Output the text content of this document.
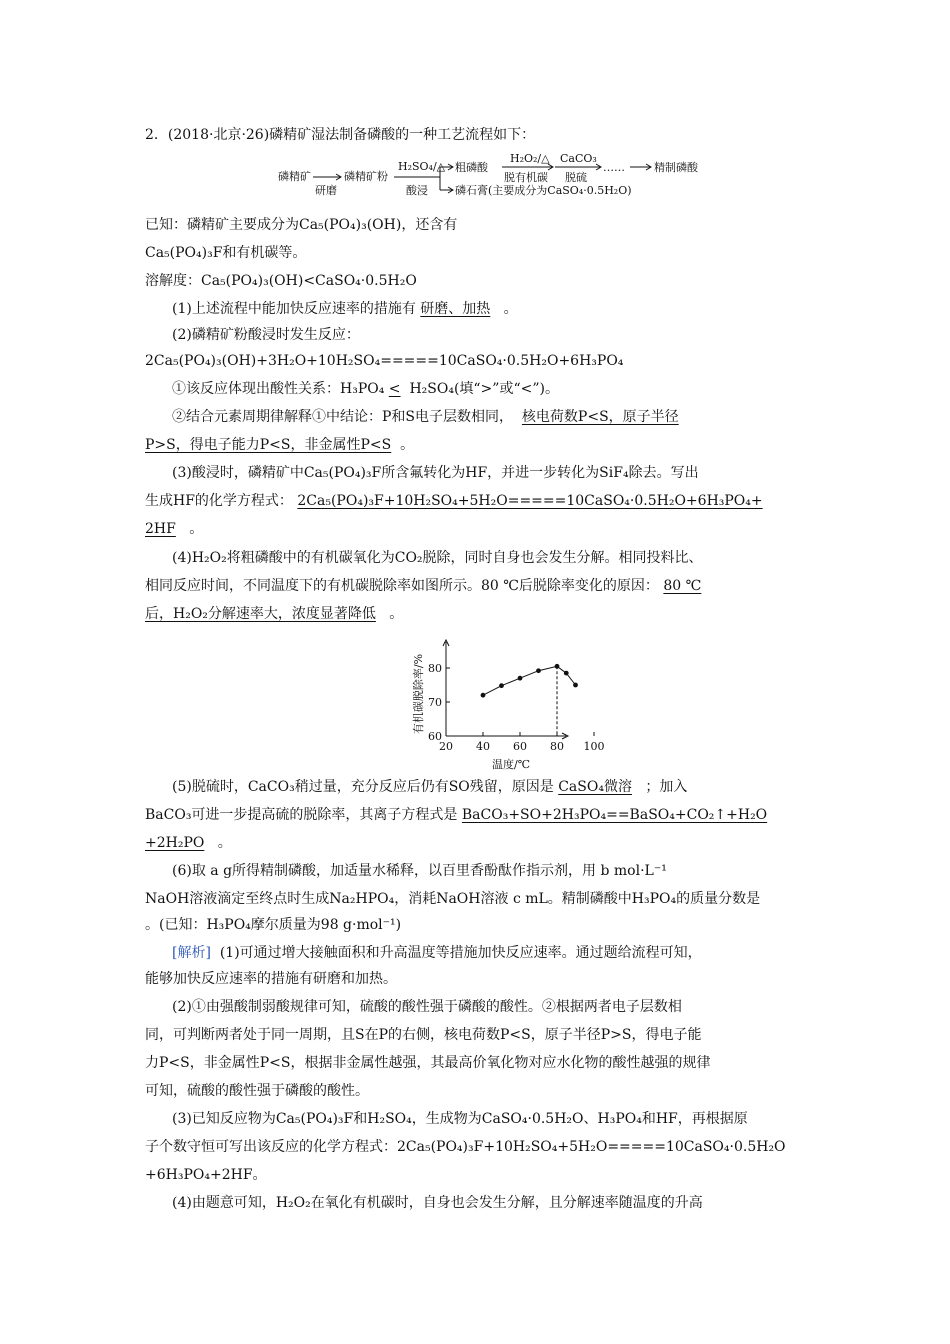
2．(2018·北京·26)磷精矿湿法制备磷酸的一种工艺流程如下：
磷精矿
研磨
磷精矿粉
H₂SO₄/△
酸浸
粗磷酸
H₂O₂/△
脱有机碳
CaCO₃
脱硫
……	精制磷酸
磷石膏(主要成分为CaSO₄·0.5H₂O)
已知：磷精矿主要成分为Ca₅(PO₄)₃(OH)，还含有
Ca₅(PO₄)₃F和有机碳等。
溶解度：Ca₅(PO₄)₃(OH)<CaSO₄·0.5H₂O
(1)上述流程中能加快反应速率的措施有 研磨、加热 。
(2)磷精矿粉酸浸时发生反应：
2Ca₅(PO₄)₃(OH)+3H₂O+10H₂SO₄=====10CaSO₄·0.5H₂O+6H₃PO₄
①该反应体现出酸性关系：H₃PO₄ < H₂SO₄(填“>”或“<”)。
②结合元素周期律解释①中结论：P和S电子层数相同， 核电荷数P<S，原子半径
P>S，得电子能力P<S，非金属性P<S 。
(3)酸浸时，磷精矿中Ca₅(PO₄)₃F所含氟转化为HF，并进一步转化为SiF₄除去。写出
生成HF的化学方程式： 2Ca₅(PO₄)₃F+10H₂SO₄+5H₂O=====10CaSO₄·0.5H₂O+6H₃PO₄+
2HF 。
(4)H₂O₂将粗磷酸中的有机碳氧化为CO₂脱除，同时自身也会发生分解。相同投料比、
相同反应时间，不同温度下的有机碳脱除率如图所示。80 ℃后脱除率变化的原因： 80 ℃
后，H₂O₂分解速率大，浓度显著降低 。
有机碳脱除率/%
温度/℃
20 40 60 80 100
60
70
80
(5)脱硫时，CaCO₃稍过量，充分反应后仍有SO残留，原因是 CaSO₄微溶 ；加入
BaCO₃可进一步提高硫的脱除率，其离子方程式是 BaCO₃+SO+2H₃PO₄==BaSO₄+CO₂↑+H₂O
+2H₂PO 。
(6)取 a g所得精制磷酸，加适量水稀释，以百里香酚酞作指示剂，用 b mol·L⁻¹
NaOH溶液滴定至终点时生成Na₂HPO₄，消耗NaOH溶液 c mL。精制磷酸中H₃PO₄的质量分数是
。(已知：H₃PO₄摩尔质量为98 g·mol⁻¹)
[解析] (1)可通过增大接触面积和升高温度等措施加快反应速率。通过题给流程可知，
能够加快反应速率的措施有研磨和加热。
(2)①由强酸制弱酸规律可知，硫酸的酸性强于磷酸的酸性。②根据两者电子层数相
同，可判断两者处于同一周期，且S在P的右侧，核电荷数P<S，原子半径P>S，得电子能
力P<S，非金属性P<S，根据非金属性越强，其最高价氧化物对应水化物的酸性越强的规律
可知，硫酸的酸性强于磷酸的酸性。
(3)已知反应物为Ca₅(PO₄)₃F和H₂SO₄，生成物为CaSO₄·0.5H₂O、H₃PO₄和HF，再根据原
子个数守恒可写出该反应的化学方程式：2Ca₅(PO₄)₃F+10H₂SO₄+5H₂O=====10CaSO₄·0.5H₂O
+6H₃PO₄+2HF。
(4)由题意可知，H₂O₂在氧化有机碳时，自身也会发生分解，且分解速率随温度的升高
